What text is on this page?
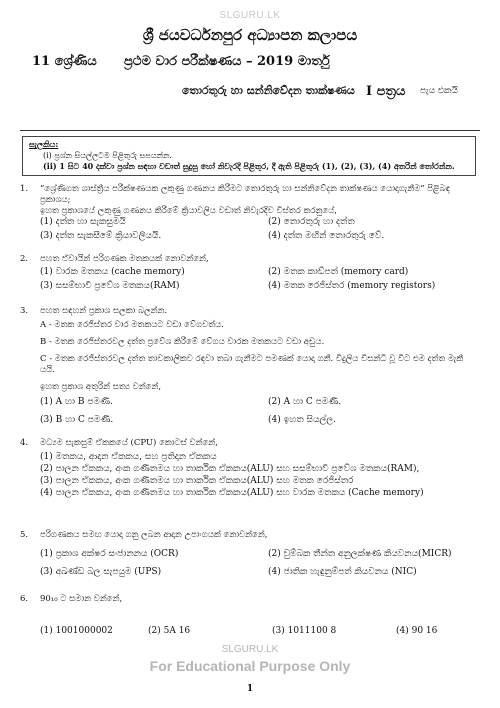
SLGURU.LK
ශ්‍රී ජයවර්ධනපුර අධ්‍යාපන කලාපය
11 ශ්‍රේණිය ප්‍රථම වාර පරීක්ෂණය – 2019 මාර්තු
තොරතුරු හා සන්නිවේදන තාක්ෂණය I පත්‍රය පැය එකයි
සැලකිය:
(i) ප්‍රශ්න සියල්ලටම පිළිතුරු සපයන්න.
(ii) 1 සිට 40 දක්වා ප්‍රශ්න සඳහා වඩාත් සුදුසු හෝ නිවැරදි පිළිතුර, දී ඇති පිළිතුරු (1), (2), (3), (4) අතරින් තෝරන්න.
1. “ශ්‍රේණිගත ශාස්ත්‍රීය පරීක්ෂණයක ලකුණු ගණනය කිරීමට තොරතුරු හා සන්නිවේදන තාක්ෂණය යොදාගැනීම” පිළිබඳ ප්‍රකාශය;
ඉහත ප්‍රකාශයේ ලකුණු ගණනය කිරීමේ ක්‍රියාවලිය වඩාත් නිවැරදිව විස්තර කරනුයේ,
(1) දත්ත හා සැකසුමයි	(2) තොරතුරු හා දත්ත
(3) දත්ත සැකසීමේ ක්‍රියාවලියයි.	(4) දත්ත මඟින් තොරතුරු වේ.
2. පහත ඒවායින් පරිගණක මතකයක් නොවන්නේ,
(1) වාරක මතකය (cache memory)	(2) මතක කාඩ්පත් (memory card)
(3) සසම්භාවී ප්‍රවේශ මතකය(RAM)	(4) මතක රෙජිස්තර (memory registors)
3. පහත සඳහන් ප්‍රකාශ සලකා බලන්න.
A - මතක රෙජිස්තර වාර මතකයට වඩා වේගවත්ය.
B - මතක රෙජිස්තරවල දත්ත ප්‍රවේශ කිරීමේ වේගය වාරක මතකයට වඩා අඩුය.
C - මතක රෙජිස්තරවල දත්ත තාවකාලිකව රඳවා තබා ගැනීමට පමණක් යොදා ගනී. විදුලිය විසන්ධි වූ විට එම දත්ත මැකී යයි.
ඉහත ප්‍රකාශ අතුරින් සත්‍ය වන්නේ,
(1) A හා B පමණි.	(2) A හා C පමණි.
(3) B හා C පමණි.	(4) ඉහත සියල්ල.
4. මධ්‍යම සැකසුම් ඒකකයේ (CPU) කොටස් වන්නේ,
(1) මතකය, ආදාන ඒකකය, සහ ප්‍රතිදාන ඒකකය
(2) පාලන ඒකකය, අංක ගණිතමය හා තාර්කික ඒකකය(ALU) සහ සසම්භාවී ප්‍රවේශ මතකය(RAM),
(3) පාලන ඒකකය, අංක ගණිතමය හා තාර්කික ඒකකය(ALU) සහ මතක රෙජිස්තර
(4) පාලන ඒකකය, අංක ගණිතමය හා තාර්කික ඒකකය(ALU) සහ වාරක මතකය (Cache memory)
5. පරිගණකය සමඟ යොදා ගනු ලබන ආදාන උපාංගයක් නොවන්නේ,
(1) ප්‍රකාශ අක්ෂර සංජානනය (OCR)	(2) චුම්බක තීන්ත අනුලක්ෂණ කියවනය(MICR)
(3) අඛණ්ඩ බල සැපයුම (UPS)	(4) ජාතික හැඳුනුම්පත් කියවනය (NIC)
6. 90₁₀ ට සමාන වන්නේ,
(1) 1001000002	(2) 5A 16	(3) 1011100 8	(4) 90 16
SLGURU.LK
For Educational Purpose Only
1
